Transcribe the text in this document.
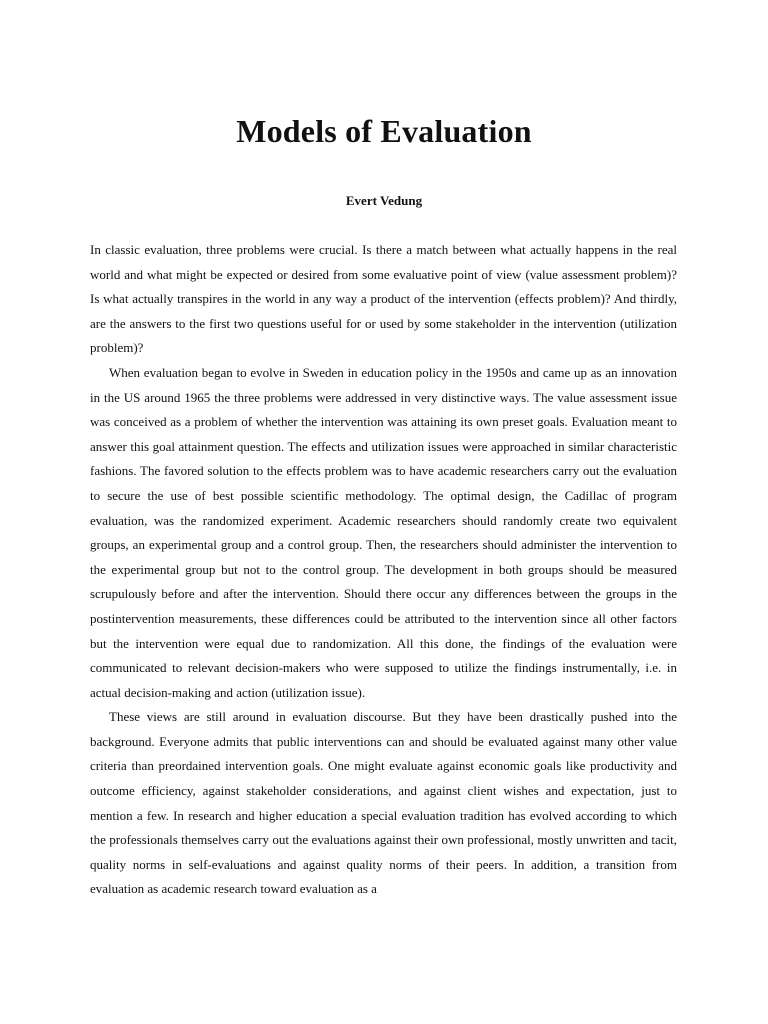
Models of Evaluation
Evert Vedung

In classic evaluation, three problems were crucial. Is there a match between what actually happens in the real world and what might be expected or desired from some evaluative point of view (value assessment problem)? Is what actually transpires in the world in any way a product of the intervention (effects problem)? And thirdly, are the answers to the first two questions useful for or used by some stakeholder in the intervention (utilization problem)?

When evaluation began to evolve in Sweden in education policy in the 1950s and came up as an innovation in the US around 1965 the three problems were addressed in very distinctive ways. The value assessment issue was conceived as a problem of whether the intervention was attaining its own preset goals. Evaluation meant to answer this goal attainment question. The effects and utilization issues were approached in similar characteristic fashions. The favored solution to the effects problem was to have academic researchers carry out the evaluation to secure the use of best possible scientific methodology. The optimal design, the Cadillac of program evaluation, was the randomized experiment. Academic researchers should randomly create two equivalent groups, an experimental group and a control group. Then, the researchers should administer the intervention to the experimental group but not to the control group. The development in both groups should be measured scrupulously before and after the intervention. Should there occur any differences between the groups in the postintervention measurements, these differences could be attributed to the intervention since all other factors but the intervention were equal due to randomization. All this done, the findings of the evaluation were communicated to relevant decision-makers who were supposed to utilize the findings instrumentally, i.e. in actual decision-making and action (utilization issue).

These views are still around in evaluation discourse. But they have been drastically pushed into the background. Everyone admits that public interventions can and should be evaluated against many other value criteria than preordained intervention goals. One might evaluate against economic goals like productivity and outcome efficiency, against stakeholder considerations, and against client wishes and expectation, just to mention a few. In research and higher education a special evaluation tradition has evolved according to which the professionals themselves carry out the evaluations against their own professional, mostly unwritten and tacit, quality norms in self-evaluations and against quality norms of their peers. In addition, a transition from evaluation as academic research toward evaluation as a
